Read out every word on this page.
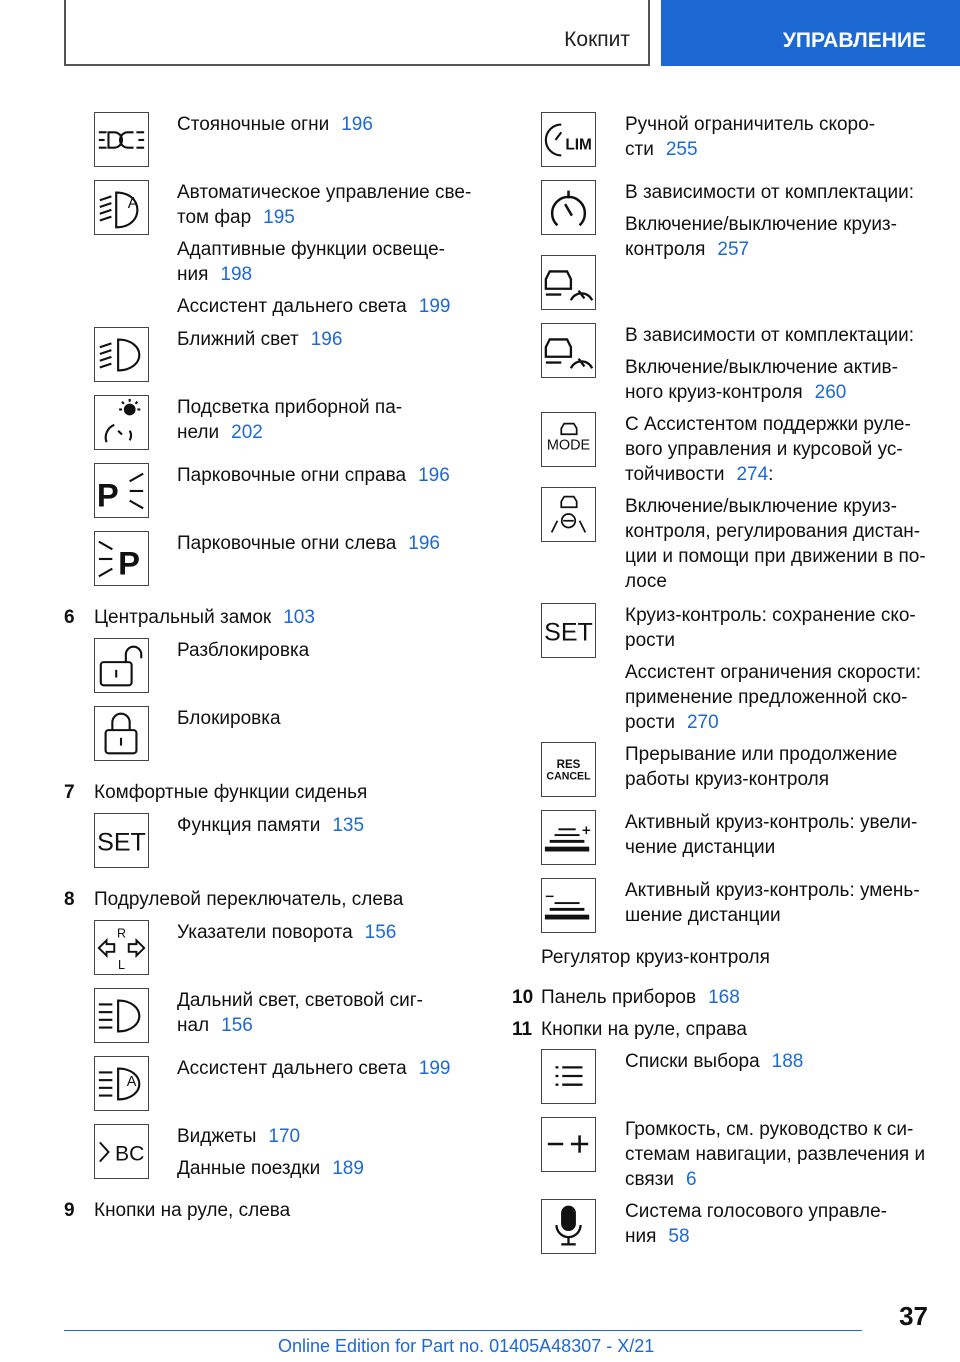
Кокпит	УПРАВЛЕНИЕ
Стояночные огни 196
A
Автоматическое управление све-
том фар 195
Адаптивные функции освеще-
ния 198
Ассистент дальнего света 199
Ближний свет 196
Подсветка приборной па-
нели 202
P
Парковочные огни справа 196
P
Парковочные огни слева 196
6 Центральный замок 103
Разблокировка
Блокировка
7 Комфортные функции сиденья
SET
Функция памяти 135
8 Подрулевой переключатель, слева
R
L
Указатели поворота 156
Дальний свет, световой сиг-
нал 156
A
Ассистент дальнего света 199
BC
Виджеты 170
Данные поездки 189
9 Кнопки на руле, слева
LIM
Ручной ограничитель скоро-
сти 255
В зависимости от комплектации:
Включение/выключение круиз-
контроля 257
В зависимости от комплектации:
Включение/выключение актив-
ного круиз-контроля 260
MODE
С Ассистентом поддержки руле-
вого управления и курсовой ус-
тойчивости 274:
Включение/выключение круиз-
контроля, регулирования дистан-
ции и помощи при движении в по-
лосе
SET
Круиз-контроль: сохранение ско-
рости
Ассистент ограничения скорости:
применение предложенной ско-
рости 270
RES
CANCEL
Прерывание или продолжение
работы круиз-контроля
Активный круиз-контроль: увели-
чение дистанции
Активный круиз-контроль: умень-
шение дистанции
Регулятор круиз-контроля
10 Панель приборов 168
11 Кнопки на руле, справа
Списки выбора 188
Громкость, см. руководство к си-
стемам навигации, развлечения и
связи 6
Система голосового управле-
ния 58
37
Online Edition for Part no. 01405A48307 - X/21
